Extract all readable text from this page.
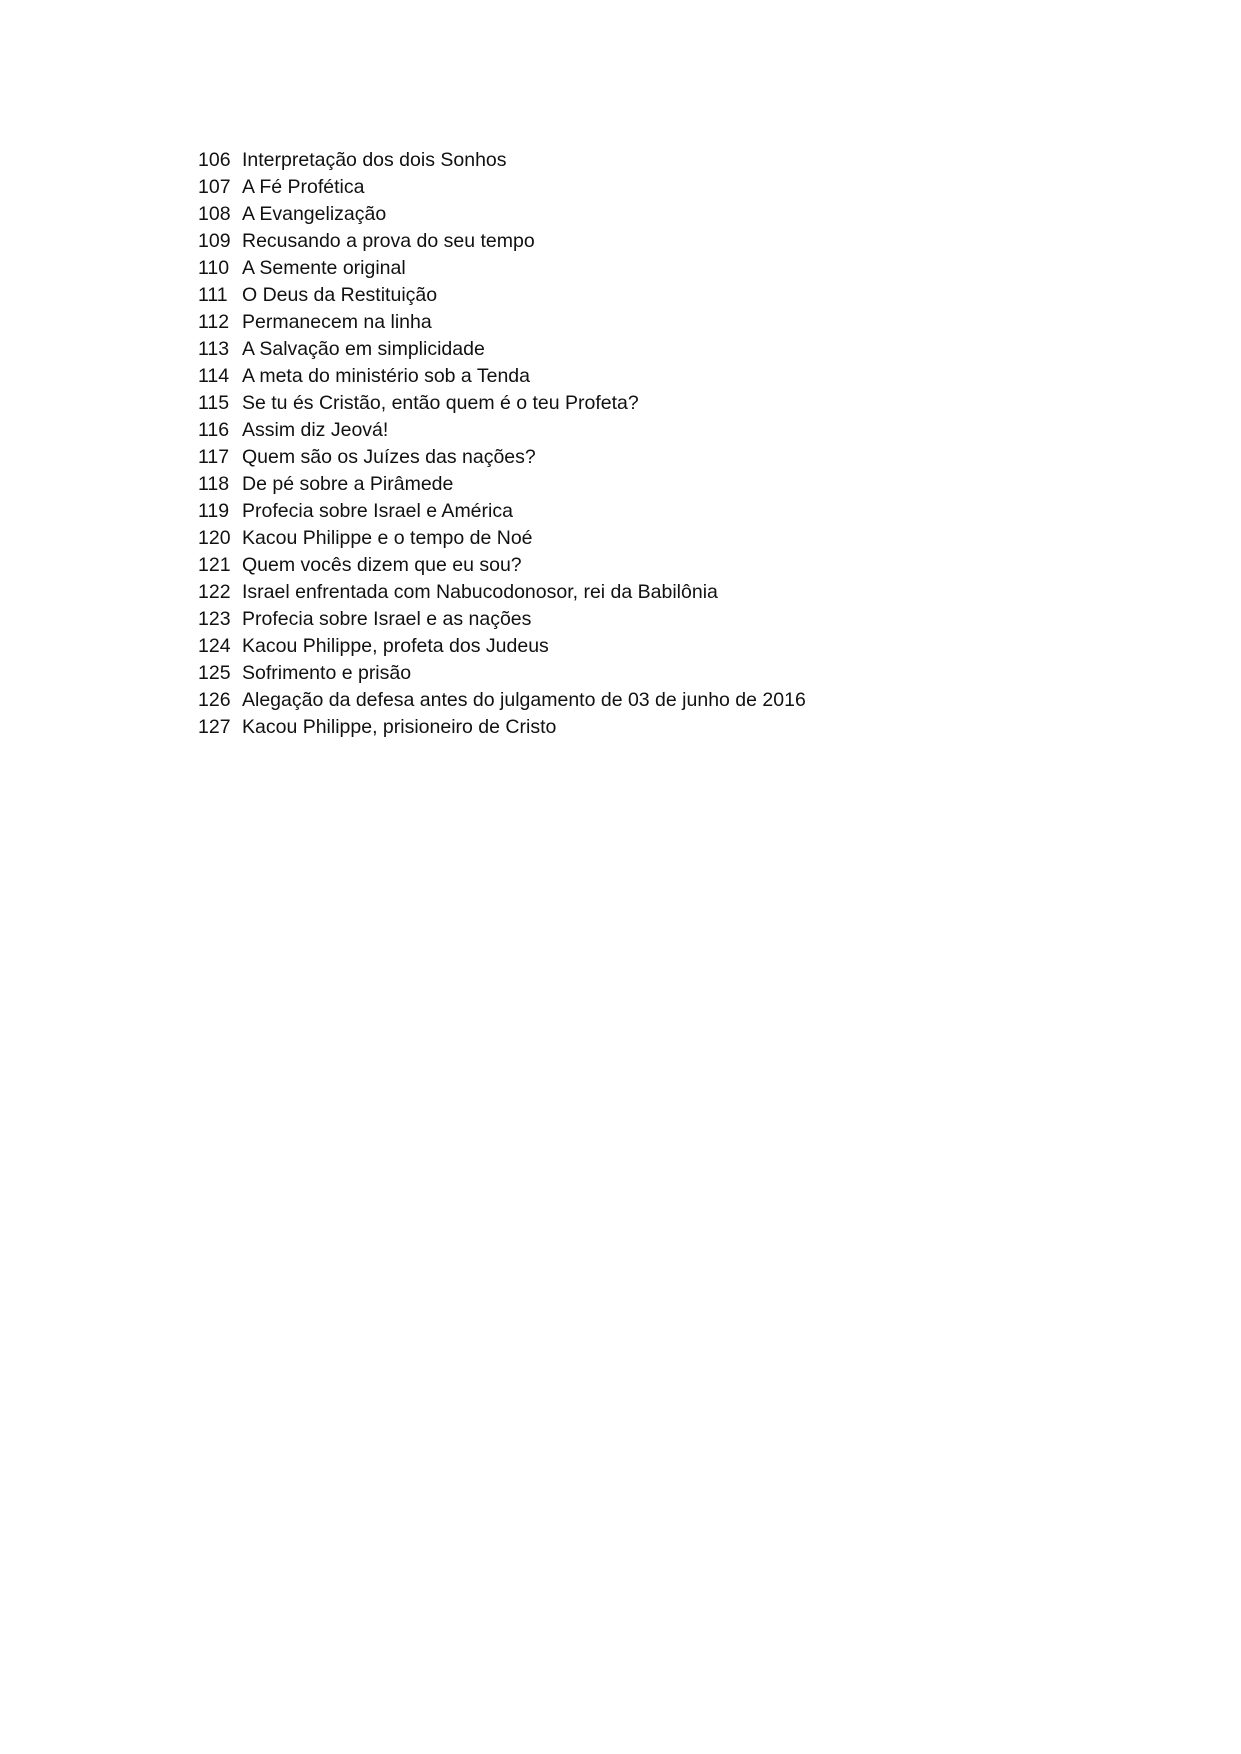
106 Interpretação dos dois Sonhos
107 A Fé Profética
108 A Evangelização
109 Recusando a prova do seu tempo
110 A Semente original
111 O Deus da Restituição
112 Permanecem na linha
113 A Salvação em simplicidade
114 A meta do ministério sob a Tenda
115 Se tu és Cristão, então quem é o teu Profeta?
116 Assim diz Jeová!
117 Quem são os Juízes das nações?
118 De pé sobre a Pirâmede
119 Profecia sobre Israel e América
120 Kacou Philippe e o tempo de Noé
121 Quem vocês dizem que eu sou?
122 Israel enfrentada com Nabucodonosor, rei da Babilônia
123 Profecia sobre Israel e as nações
124 Kacou Philippe, profeta dos Judeus
125 Sofrimento e prisão
126 Alegação da defesa antes do julgamento de 03 de junho de 2016
127 Kacou Philippe, prisioneiro de Cristo
